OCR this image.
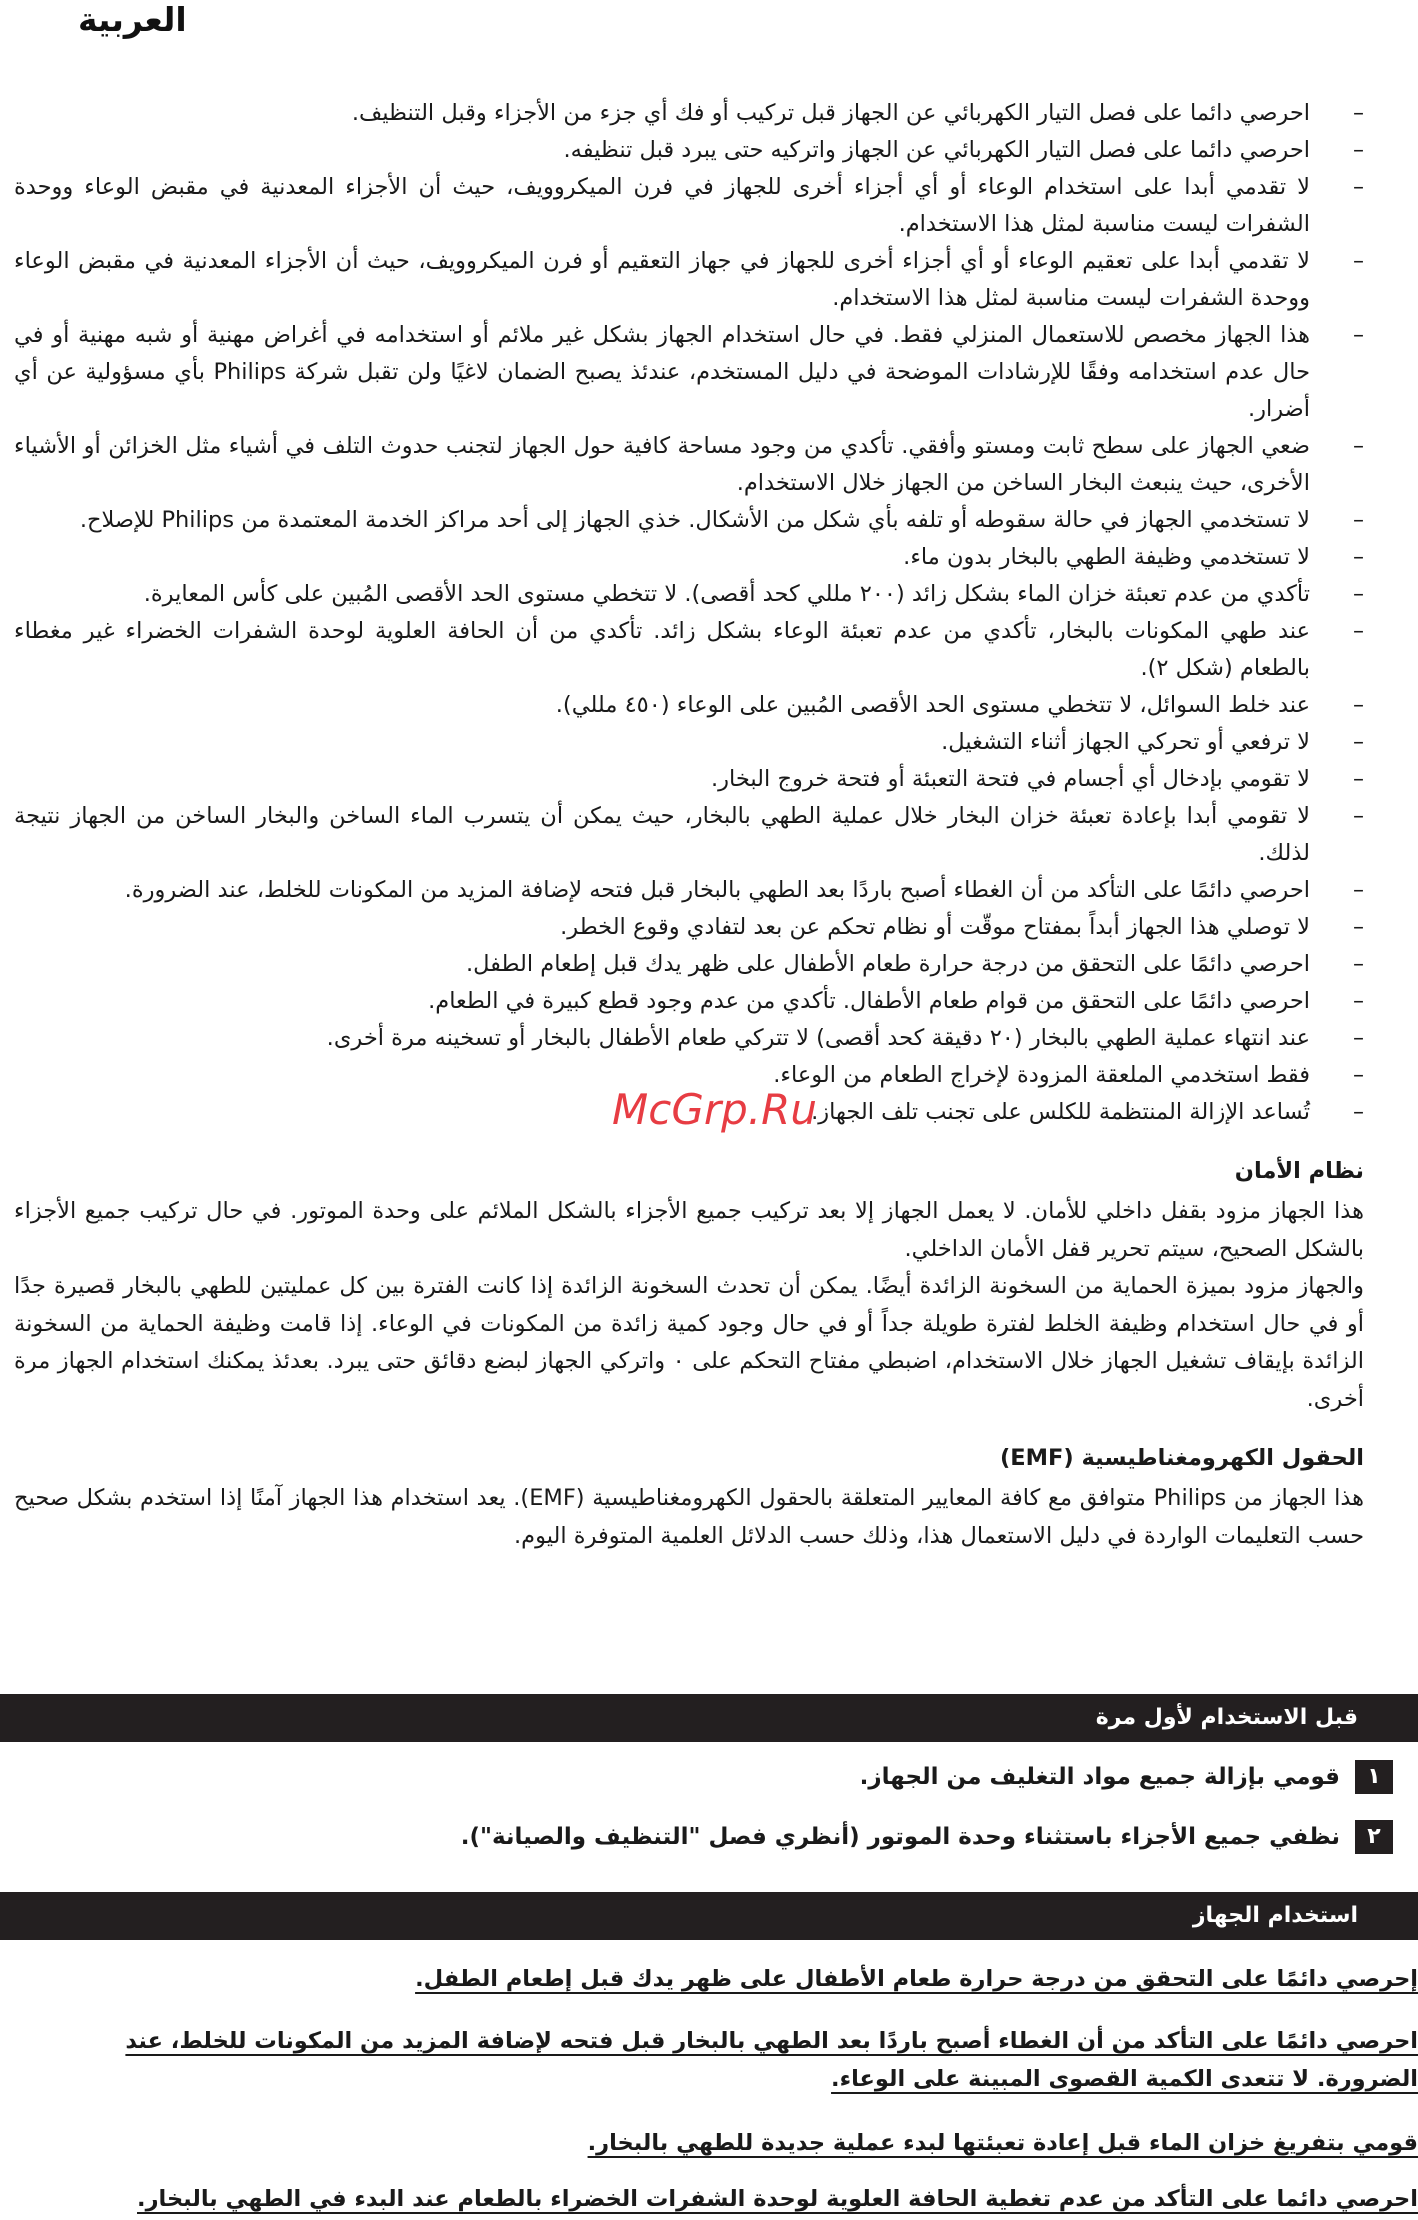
العربية
McGrp.Ru
–
احرصي دائما على فصل التيار الكهربائي عن الجهاز قبل تركيب أو فك أي جزء من الأجزاء وقبل التنظيف.
–
احرصي دائما على فصل التيار الكهربائي عن الجهاز واتركيه حتى يبرد قبل تنظيفه.
–
لا تقدمي أبدا على استخدام الوعاء أو أي أجزاء أخرى للجهاز في فرن الميكروويف، حيث أن الأجزاء المعدنية في مقبض الوعاء ووحدة الشفرات ليست مناسبة لمثل هذا الاستخدام.
–
لا تقدمي أبدا على تعقيم الوعاء أو أي أجزاء أخرى للجهاز في جهاز التعقيم أو فرن الميكروويف، حيث أن الأجزاء المعدنية في مقبض الوعاء ووحدة الشفرات ليست مناسبة لمثل هذا الاستخدام.
–
هذا الجهاز مخصص للاستعمال المنزلي فقط. في حال استخدام الجهاز بشكل غير ملائم أو استخدامه في أغراض مهنية أو شبه مهنية أو في حال عدم استخدامه وفقًا للإرشادات الموضحة في دليل المستخدم، عندئذ يصبح الضمان لاغيًا ولن تقبل شركة Philips بأي مسؤولية عن أي أضرار.
–
ضعي الجهاز على سطح ثابت ومستو وأفقي. تأكدي من وجود مساحة كافية حول الجهاز لتجنب حدوث التلف في أشياء مثل الخزائن أو الأشياء الأخرى، حيث ينبعث البخار الساخن من الجهاز خلال الاستخدام.
–
لا تستخدمي الجهاز في حالة سقوطه أو تلفه بأي شكل من الأشكال. خذي الجهاز إلى أحد مراكز الخدمة المعتمدة من Philips للإصلاح.
–
لا تستخدمي وظيفة الطهي بالبخار بدون ماء.
–
تأكدي من عدم تعبئة خزان الماء بشكل زائد (٢٠٠ مللي كحد أقصى). لا تتخطي مستوى الحد الأقصى المُبين على كأس المعايرة.
–
عند طهي المكونات بالبخار، تأكدي من عدم تعبئة الوعاء بشكل زائد. تأكدي من أن الحافة العلوية لوحدة الشفرات الخضراء غير مغطاء بالطعام (شكل ٢).
–
عند خلط السوائل، لا تتخطي مستوى الحد الأقصى المُبين على الوعاء (٤٥٠ مللي).
–
لا ترفعي أو تحركي الجهاز أثناء التشغيل.
–
لا تقومي بإدخال أي أجسام في فتحة التعبئة أو فتحة خروج البخار.
–
لا تقومي أبدا بإعادة تعبئة خزان البخار خلال عملية الطهي بالبخار، حيث يمكن أن يتسرب الماء الساخن والبخار الساخن من الجهاز نتيجة لذلك.
–
احرصي دائمًا على التأكد من أن الغطاء أصبح باردًا بعد الطهي بالبخار قبل فتحه لإضافة المزيد من المكونات للخلط، عند الضرورة.
–
لا توصلي هذا الجهاز أبداً بمفتاح موقّت أو نظام تحكم عن بعد لتفادي وقوع الخطر.
–
احرصي دائمًا على التحقق من درجة حرارة طعام الأطفال على ظهر يدك قبل إطعام الطفل.
–
احرصي دائمًا على التحقق من قوام طعام الأطفال. تأكدي من عدم وجود قطع كبيرة في الطعام.
–
عند انتهاء عملية الطهي بالبخار (٢٠ دقيقة كحد أقصى) لا تتركي طعام الأطفال بالبخار أو تسخينه مرة أخرى.
–
فقط استخدمي الملعقة المزودة لإخراج الطعام من الوعاء.
–
تُساعد الإزالة المنتظمة للكلس على تجنب تلف الجهاز.
نظام الأمان

هذا الجهاز مزود بقفل داخلي للأمان. لا يعمل الجهاز إلا بعد تركيب جميع الأجزاء بالشكل الملائم على وحدة الموتور. في حال تركيب جميع الأجزاء بالشكل الصحيح، سيتم تحرير قفل الأمان الداخلي.

والجهاز مزود بميزة الحماية من السخونة الزائدة أيضًا. يمكن أن تحدث السخونة الزائدة إذا كانت الفترة بين كل عمليتين للطهي بالبخار قصيرة جدًا أو في حال استخدام وظيفة الخلط لفترة طويلة جداً أو في حال وجود كمية زائدة من المكونات في الوعاء. إذا قامت وظيفة الحماية من السخونة الزائدة بإيقاف تشغيل الجهاز خلال الاستخدام، اضبطي مفتاح التحكم على ٠ واتركي الجهاز لبضع دقائق حتى يبرد. بعدئذ يمكنك استخدام الجهاز مرة أخرى.

الحقول الكهرومغناطيسية (EMF)

هذا الجهاز من Philips متوافق مع كافة المعايير المتعلقة بالحقول الكهرومغناطيسية (EMF). يعد استخدام هذا الجهاز آمنًا إذا استخدم بشكل صحيح حسب التعليمات الواردة في دليل الاستعمال هذا، وذلك حسب الدلائل العلمية المتوفرة اليوم.

قبل الاستخدام لأول مرة
١
قومي بإزالة جميع مواد التغليف من الجهاز.
٢
نظفي جميع الأجزاء باستثناء وحدة الموتور (أنظري فصل "التنظيف والصيانة").
استخدام الجهاز

إحرصي دائمًا على التحقق من درجة حرارة طعام الأطفال على ظهر يدك قبل إطعام الطفل.

احرصي دائمًا على التأكد من أن الغطاء أصبح باردًا بعد الطهي بالبخار قبل فتحه لإضافة المزيد من المكونات للخلط، عند الضرورة. لا تتعدى الكمية القصوى المبينة على الوعاء.

قومي بتفريغ خزان الماء قبل إعادة تعبئتها لبدء عملية جديدة للطهي بالبخار.

احرصي دائما على التأكد من عدم تغطية الحافة العلوية لوحدة الشفرات الخضراء بالطعام عند البدء في الطهي بالبخار.
